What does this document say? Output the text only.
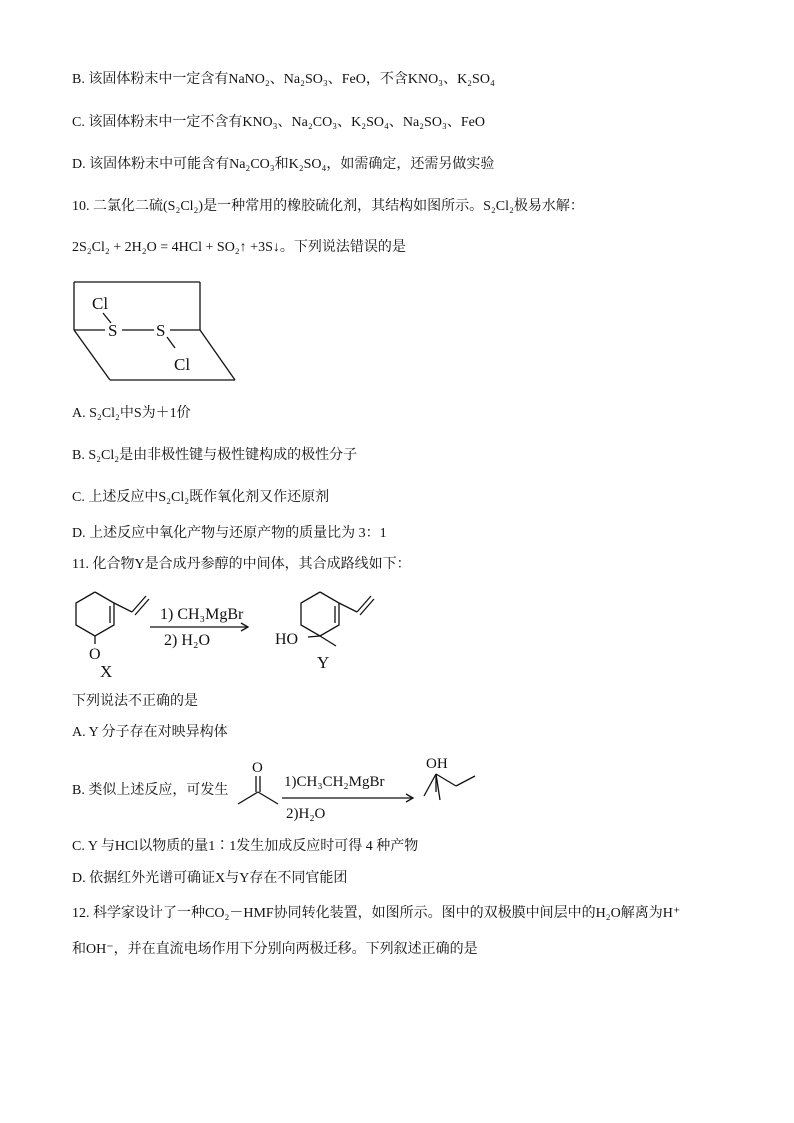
B. 该固体粉末中一定含有NaNO₂、Na₂SO₃、FeO，不含KNO₃、K₂SO₄
C. 该固体粉末中一定不含有KNO₃、Na₂CO₃、K₂SO₄、Na₂SO₃、FeO
D. 该固体粉末中可能含有Na₂CO₃和K₂SO₄，如需确定，还需另做实验
10. 二氯化二硫(S₂Cl₂)是一种常用的橡胶硫化剂，其结构如图所示。S₂Cl₂极易水解：
2S₂Cl₂ + 2H₂O = 4HCl + SO₂↑ +3S↓。下列说法错误的是
Cl
S S
Cl
A. S₂Cl₂中S为＋1价
B. S₂Cl₂是由非极性键与极性键构成的极性分子
C. 上述反应中S₂Cl₂既作氧化剂又作还原剂
D. 上述反应中氧化产物与还原产物的质量比为 3：1
11. 化合物Y是合成丹参醇的中间体，其合成路线如下：
O
X
1) CH₃MgBr
2) H₂O	HO
Y
下列说法不正确的是
A. Y 分子存在对映异构体
B. 类似上述反应，可发生
O
1)CH₃CH₂MgBr
2)H₂O
OH
C. Y 与HCl以物质的量1∶1发生加成反应时可得 4 种产物
D. 依据红外光谱可确证X与Y存在不同官能团
12. 科学家设计了一种CO₂－HMF协同转化装置，如图所示。图中的双极膜中间层中的H₂O解离为H⁺
和OH⁻，并在直流电场作用下分别向两极迁移。下列叙述正确的是
